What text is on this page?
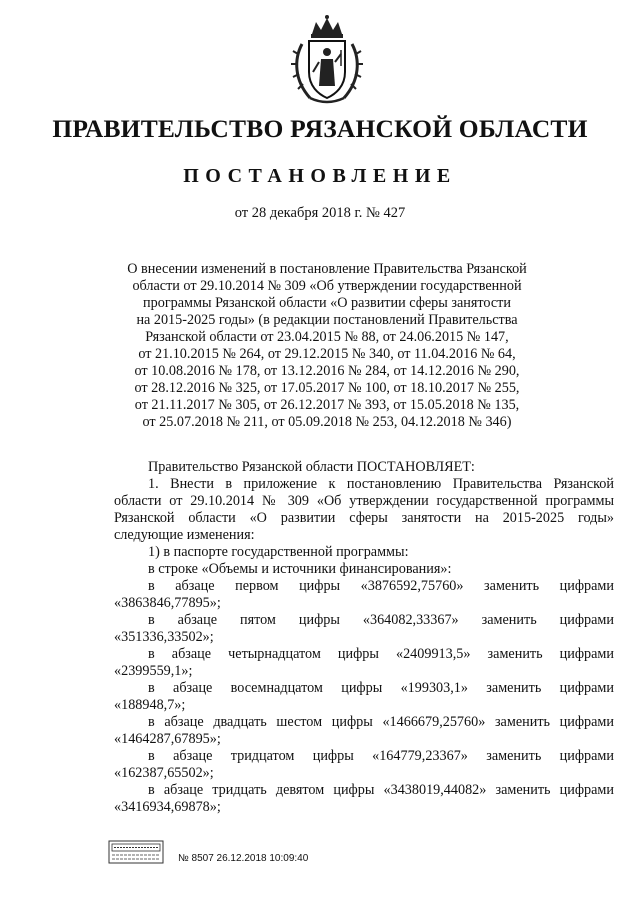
ПРАВИТЕЛЬСТВО РЯЗАНСКОЙ ОБЛАСТИ
ПОСТАНОВЛЕНИЕ
от 28 декабря 2018 г. № 427
О внесении изменений в постановление Правительства Рязанской
области от 29.10.2014 № 309 «Об утверждении государственной
программы Рязанской области «О развитии сферы занятости
на 2015-2025 годы» (в редакции постановлений Правительства
Рязанской области от 23.04.2015 № 88, от 24.06.2015 № 147,
от 21.10.2015 № 264, от 29.12.2015 № 340, от 11.04.2016 № 64,
от 10.08.2016 № 178, от 13.12.2016 № 284, от 14.12.2016 № 290,
от 28.12.2016 № 325, от 17.05.2017 № 100, от 18.10.2017 № 255,
от 21.11.2017 № 305, от 26.12.2017 № 393, от 15.05.2018 № 135,
от 25.07.2018 № 211, от 05.09.2018 № 253, 04.12.2018 № 346)
Правительство Рязанской области ПОСТАНОВЛЯЕТ:
1. Внести в приложение к постановлению Правительства Рязанской
области от 29.10.2014 № 309 «Об утверждении государственной программы
Рязанской области «О развитии сферы занятости на 2015-2025 годы»
следующие изменения:
1) в паспорте государственной программы:
в строке «Объемы и источники финансирования»:
в абзаце первом цифры «3876592,75760» заменить цифрами
«3863846,77895»;
в абзаце пятом цифры «364082,33367» заменить цифрами
«351336,33502»;
в абзаце четырнадцатом цифры «2409913,5» заменить цифрами
«2399559,1»;
в абзаце восемнадцатом цифры «199303,1» заменить цифрами
«188948,7»;
в абзаце двадцать шестом цифры «1466679,25760» заменить цифрами
«1464287,67895»;
в абзаце тридцатом цифры «164779,23367» заменить цифрами
«162387,65502»;
в абзаце тридцать девятом цифры «3438019,44082» заменить цифрами
«3416934,69878»;
№ 8507 26.12.2018 10:09:40
